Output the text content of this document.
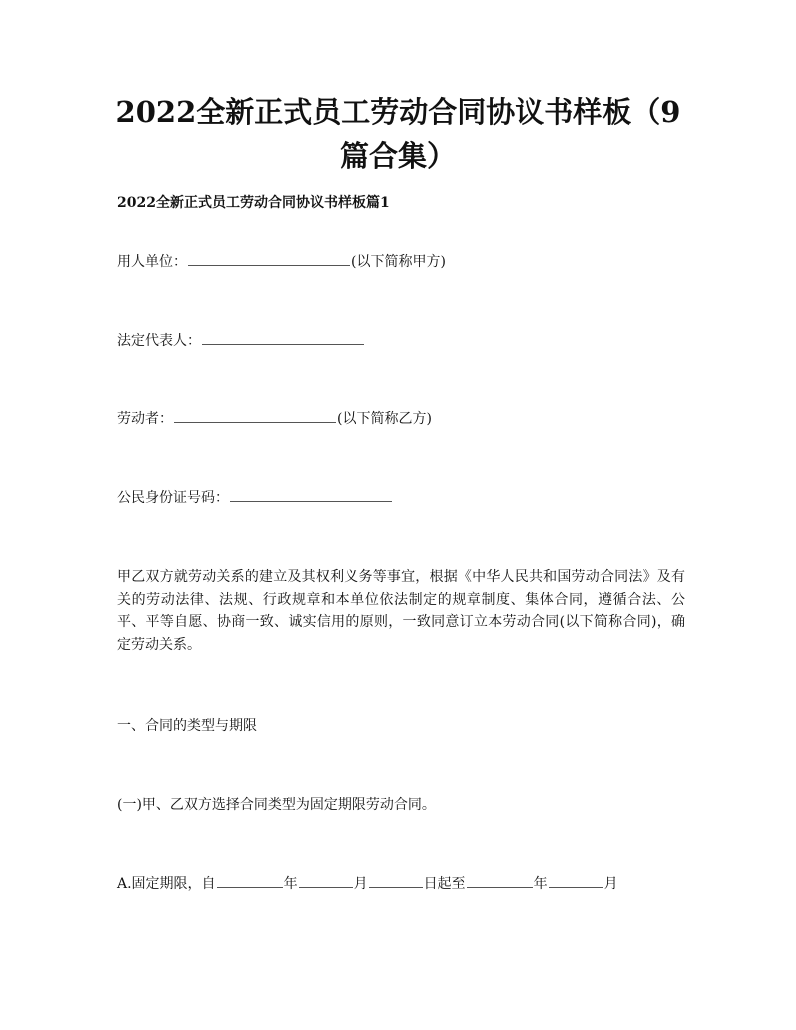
2022全新正式员工劳动合同协议书样板（9
篇合集）
2022全新正式员工劳动合同协议书样板篇1
用人单位：	(以下简称甲方)
法定代表人：
劳动者：	(以下简称乙方)
公民身份证号码：
甲乙双方就劳动关系的建立及其权利义务等事宜，根据《中华人民共和国劳动合同法》及有关的劳动法律、法规、行政规章和本单位依法制定的规章制度、集体合同，遵循合法、公平、平等自愿、协商一致、诚实信用的原则，一致同意订立本劳动合同(以下简称合同)，确定劳动关系。
一、合同的类型与期限
(一)甲、乙双方选择合同类型为固定期限劳动合同。
A.固定期限，自	年	月	日起至	年	月
